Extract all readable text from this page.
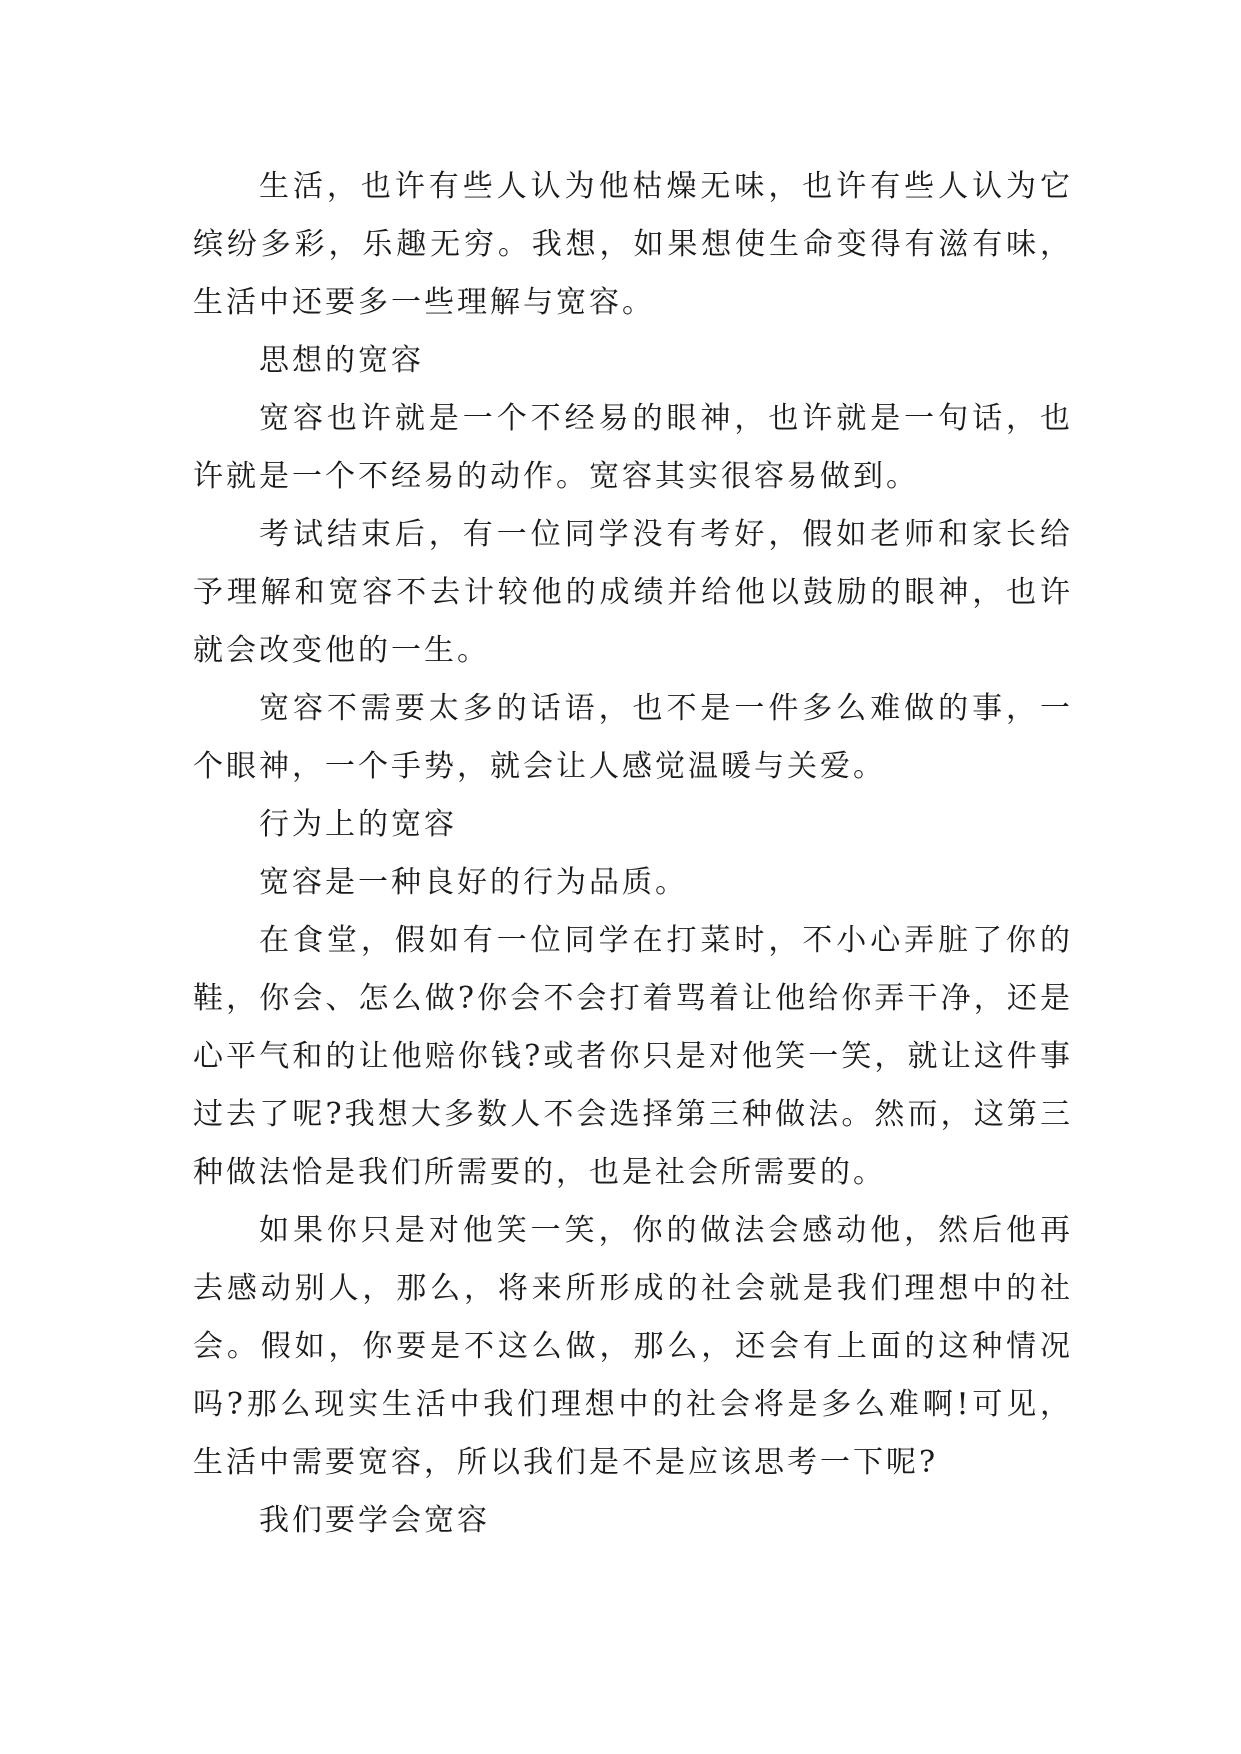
生活，也许有些人认为他枯燥无味，也许有些人认为它缤纷多彩，乐趣无穷。我想，如果想使生命变得有滋有味，生活中还要多一些理解与宽容。

思想的宽容

宽容也许就是一个不经易的眼神，也许就是一句话，也许就是一个不经易的动作。宽容其实很容易做到。

考试结束后，有一位同学没有考好，假如老师和家长给予理解和宽容不去计较他的成绩并给他以鼓励的眼神，也许就会改变他的一生。

宽容不需要太多的话语，也不是一件多么难做的事，一个眼神，一个手势，就会让人感觉温暖与关爱。

行为上的宽容

宽容是一种良好的行为品质。

在食堂，假如有一位同学在打菜时，不小心弄脏了你的鞋，你会、怎么做?你会不会打着骂着让他给你弄干净，还是心平气和的让他赔你钱?或者你只是对他笑一笑，就让这件事过去了呢?我想大多数人不会选择第三种做法。然而，这第三种做法恰是我们所需要的，也是社会所需要的。

如果你只是对他笑一笑，你的做法会感动他，然后他再去感动别人，那么，将来所形成的社会就是我们理想中的社会。假如，你要是不这么做，那么，还会有上面的这种情况吗?那么现实生活中我们理想中的社会将是多么难啊!可见，生活中需要宽容，所以我们是不是应该思考一下呢?

我们要学会宽容
